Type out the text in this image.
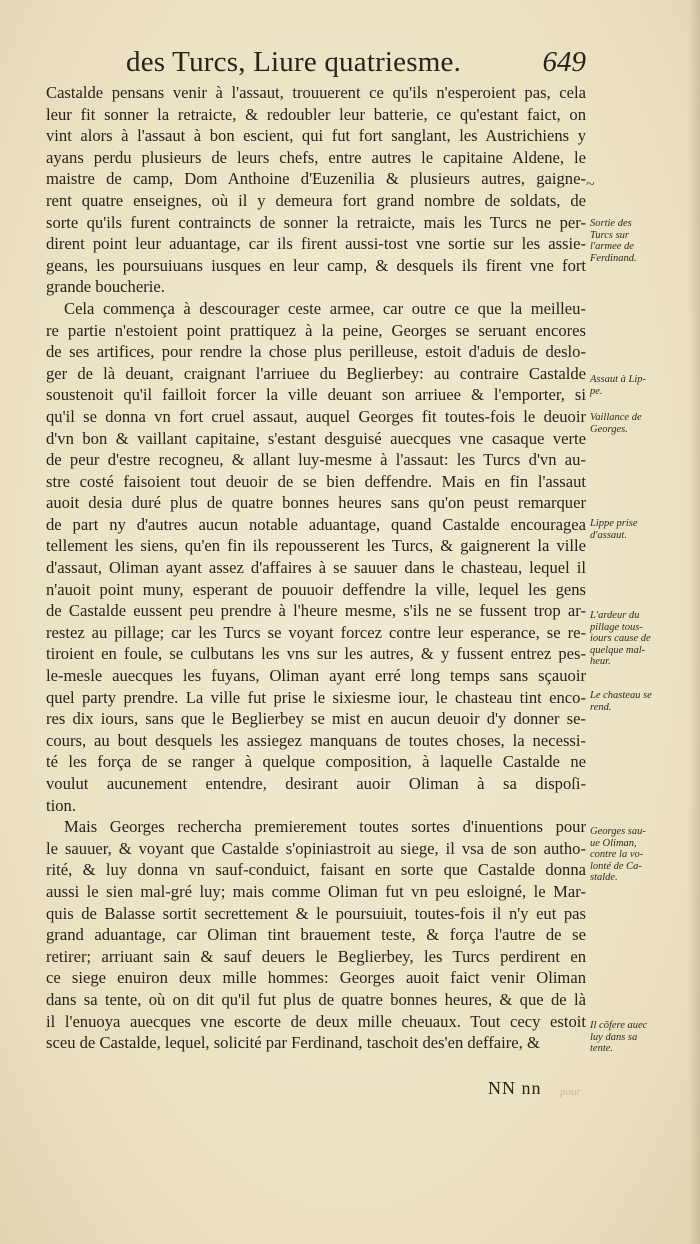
des Turcs, Liure quatriesme.	649
~
Castalde pensans venir à l'assaut, trouuerent ce qu'ils n'esperoient pas, cela
leur fit sonner la retraicte, & redoubler leur batterie, ce qu'estant faict, on
vint alors à l'assaut à bon escient, qui fut fort sanglant, les Austrichiens y
ayans perdu plusieurs de leurs chefs, entre autres le capitaine Aldene, le
maistre de camp, Dom Anthoine d'Euzenilia & plusieurs autres, gaigne-
rent quatre enseignes, où il y demeura fort grand nombre de soldats, de
sorte qu'ils furent contraincts de sonner la retraicte, mais les Turcs ne per-
dirent point leur aduantage, car ils firent aussi-tost vne sortie sur les assie-
geans, les poursuiuans iusques en leur camp, & desquels ils firent vne fort
grande boucherie.
Cela commença à descourager ceste armee, car outre ce que la meilleu-
re partie n'estoient point prattiquez à la peine, Georges se seruant encores
de ses artifices, pour rendre la chose plus perilleuse, estoit d'aduis de deslo-
ger de là deuant, craignant l'arriuee du Beglierbey: au contraire Castalde
soustenoit qu'il failloit forcer la ville deuant son arriuee & l'emporter, si
qu'il se donna vn fort cruel assaut, auquel Georges fit toutes-fois le deuoir
d'vn bon & vaillant capitaine, s'estant desguisé auecques vne casaque verte
de peur d'estre recogneu, & allant luy-mesme à l'assaut: les Turcs d'vn au-
stre costé faisoient tout deuoir de se bien deffendre. Mais en fin l'assaut
auoit desia duré plus de quatre bonnes heures sans qu'on peust remarquer
de part ny d'autres aucun notable aduantage, quand Castalde encouragea
tellement les siens, qu'en fin ils repousserent les Turcs, & gaignerent la ville
d'assaut, Oliman ayant assez d'affaires à se sauuer dans le chasteau, lequel il
n'auoit point muny, esperant de pouuoir deffendre la ville, lequel les gens
de Castalde eussent peu prendre à l'heure mesme, s'ils ne se fussent trop ar-
restez au pillage; car les Turcs se voyant forcez contre leur esperance, se re-
tiroient en foule, se culbutans les vns sur les autres, & y fussent entrez pes-
le-mesle auecques les fuyans, Oliman ayant erré long temps sans sçauoir
quel party prendre. La ville fut prise le sixiesme iour, le chasteau tint enco-
res dix iours, sans que le Beglierbey se mist en aucun deuoir d'y donner se-
cours, au bout desquels les assiegez manquans de toutes choses, la necessi-
té les força de se ranger à quelque composition, à laquelle Castalde ne
voulut aucunement entendre, desirant auoir Oliman à sa dispoſi-
tion.
Mais Georges rechercha premierement toutes sortes d'inuentions pour
le sauuer, & voyant que Castalde s'opiniastroit au siege, il vsa de son autho-
rité, & luy donna vn sauf-conduict, faisant en sorte que Castalde donna
aussi le sien mal-gré luy; mais comme Oliman fut vn peu esloigné, le Mar-
quis de Balasse sortit secrettement & le poursuiuit, toutes-fois il n'y eut pas
grand aduantage, car Oliman tint brauement teste, & força l'autre de se
retirer; arriuant sain & sauf deuers le Beglierbey, les Turcs perdirent en
ce siege enuiron deux mille hommes: Georges auoit faict venir Oliman
dans sa tente, où on dit qu'il fut plus de quatre bonnes heures, & que de là
il l'enuoya auecques vne escorte de deux mille cheuaux. Tout cecy estoit
sceu de Castalde, lequel, solicité par Ferdinand, taschoit des'en deffaire, &
Sortie des
Turcs sur
l'armee de
Ferdinand.
Assaut à Lip-
pe.
Vaillance de
Georges.
Lippe prise
d'assaut.
L'ardeur du
pillage tous-
iours cause de
quelque mal-
heur.
Le chasteau se
rend.
Georges sau-
ue Oliman,
contre la vo-
lonté de Ca-
stalde.
Il cõfere auec
luy dans sa
tente.
NN nn pour
